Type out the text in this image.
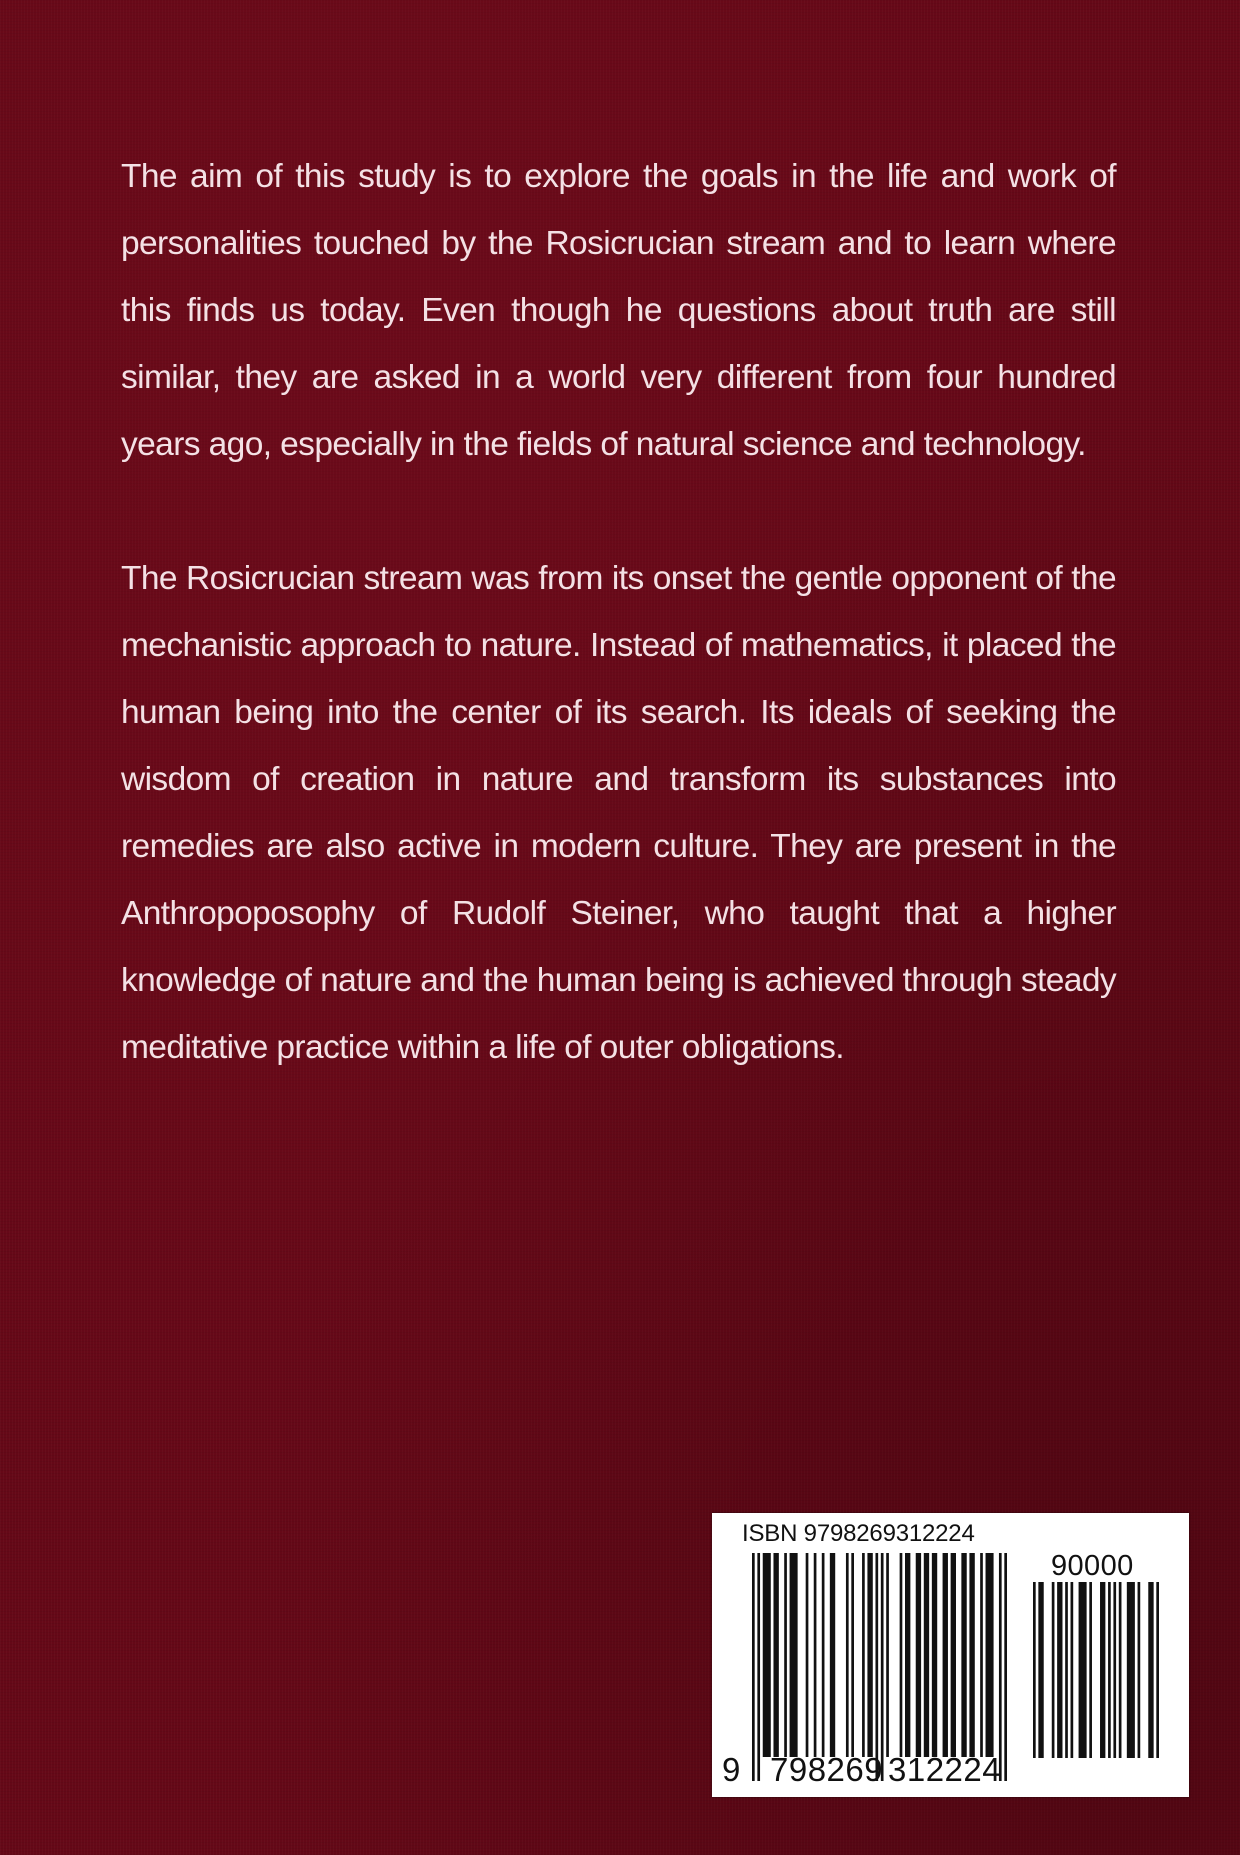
The aim of this study is to explore the goals in the life and work of personalities touched by the Rosicrucian stream and to learn where this finds us today. Even though he questions about truth are still similar, they are asked in a world very different from four hundred years ago, especially in the fields of natural science and technology.

The Rosicrucian stream was from its onset the gentle opponent of the mechanistic approach to nature. Instead of mathematics, it placed the human being into the center of its search. Its ideals of seeking the wisdom of creation in nature and transform its substances into remedies are also active in modern culture. They are present in the Anthropoposophy of Rudolf Steiner, who taught that a higher knowledge of nature and the human being is achieved through steady meditative practice within a life of outer obligations.

ISBN 9798269312224
90000
9 798269 312224
